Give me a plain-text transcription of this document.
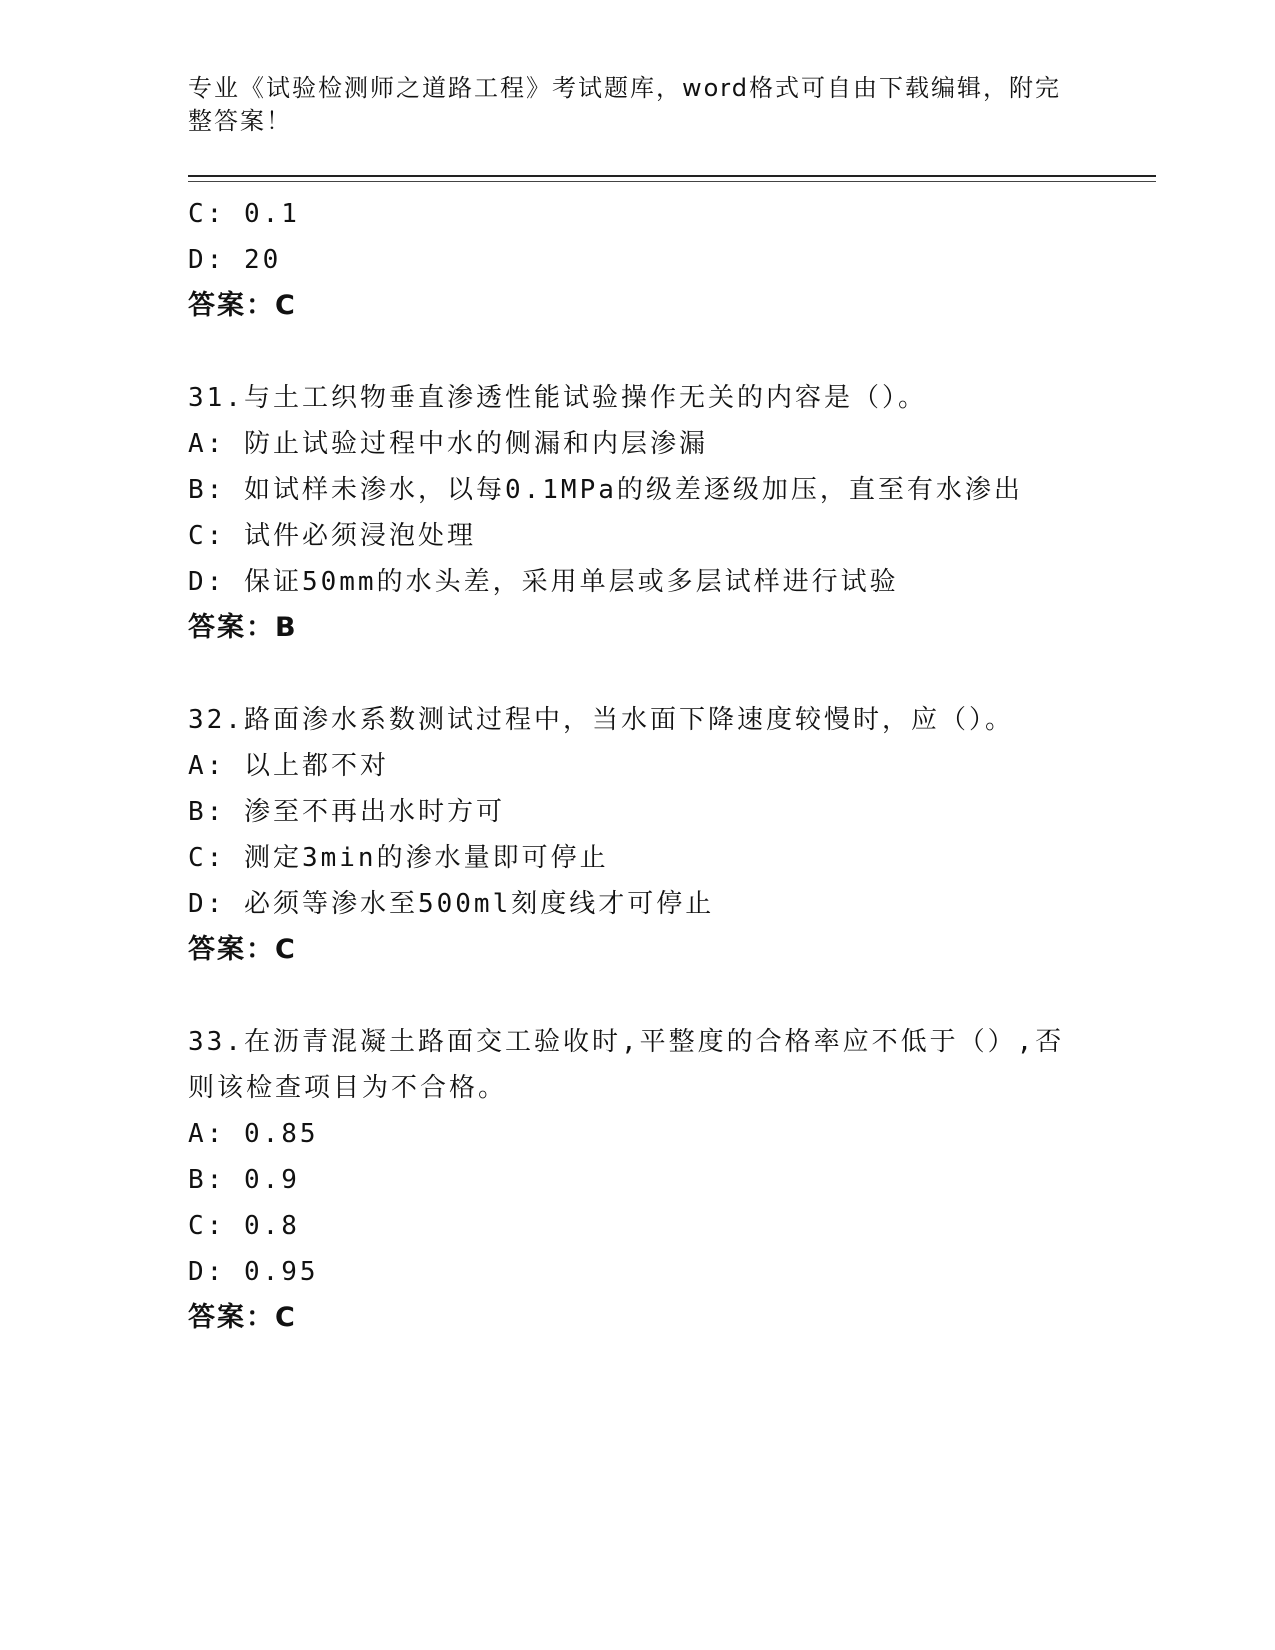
专业《试验检测师之道路工程》考试题库，word格式可自由下载编辑，附完整答案！
C: 0.1
D: 20
答案：C
31.与土工织物垂直渗透性能试验操作无关的内容是（）。
A: 防止试验过程中水的侧漏和内层渗漏
B: 如试样未渗水，以每0.1MPa的级差逐级加压，直至有水渗出
C: 试件必须浸泡处理
D: 保证50mm的水头差，采用单层或多层试样进行试验
答案：B
32.路面渗水系数测试过程中，当水面下降速度较慢时，应（）。
A: 以上都不对
B: 渗至不再出水时方可
C: 测定3min的渗水量即可停止
D: 必须等渗水至500ml刻度线才可停止
答案：C
33.在沥青混凝土路面交工验收时,平整度的合格率应不低于（）,否则该检查项目为不合格。
A: 0.85
B: 0.9
C: 0.8
D: 0.95
答案：C
